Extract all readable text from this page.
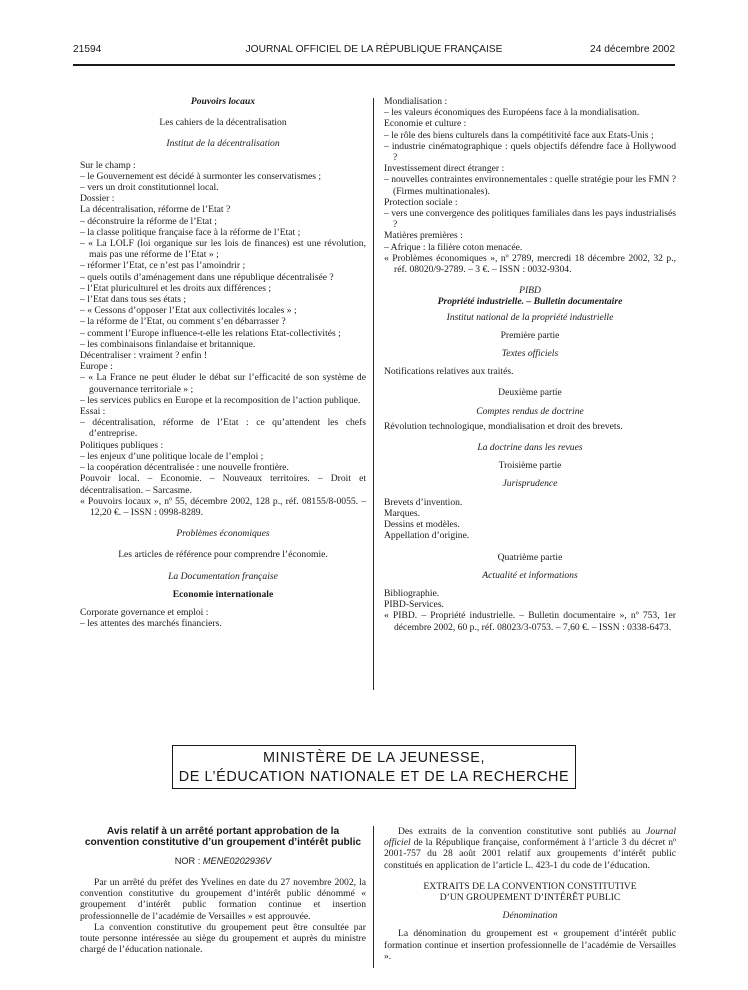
21594	JOURNAL OFFICIEL DE LA RÉPUBLIQUE FRANÇAISE	24 décembre 2002

Pouvoirs locaux

Les cahiers de la décentralisation

Institut de la décentralisation

Sur le champ :

– le Gouvernement est décidé à surmonter les conservatismes ;

– vers un droit constitutionnel local.

Dossier :

La décentralisation, réforme de l’Etat ?

– déconstruire la réforme de l’Etat ;

– la classe politique française face à la réforme de l’Etat ;

– « La LOLF (loi organique sur les lois de finances) est une révolution, mais pas une réforme de l’Etat » ;

– réformer l’Etat, ce n’est pas l’amoindrir ;

– quels outils d’aménagement dans une république décentralisée ?

– l’Etat pluriculturel et les droits aux différences ;

– l’Etat dans tous ses états ;

– « Cessons d’opposer l’Etat aux collectivités locales » ;

– la réforme de l’Etat, ou comment s’en débarrasser ?

– comment l’Europe influence-t-elle les relations Etat-collectivités ;

– les combinaisons finlandaise et britannique.

Décentraliser : vraiment ? enfin !

Europe :

– « La France ne peut éluder le débat sur l’efficacité de son système de gouvernance territoriale » ;

– les services publics en Europe et la recomposition de l’action publique.

Essai :

– décentralisation, réforme de l’Etat : ce qu’attendent les chefs d’entreprise.

Politiques publiques :

– les enjeux d’une politique locale de l’emploi ;

– la coopération décentralisée : une nouvelle frontière.

Pouvoir local. – Economie. – Nouveaux territoires. – Droit et décentralisation. – Sarcasme.

« Pouvoirs locaux », nº 55, décembre 2002, 128 p., réf. 08155/8-0055. – 12,20 €. – ISSN : 0998-8289.

Problèmes économiques

Les articles de référence pour comprendre l’économie.

La Documentation française

Economie internationale

Corporate governance et emploi :

– les attentes des marchés financiers.

Mondialisation :

– les valeurs économiques des Européens face à la mondialisation.

Economie et culture :

– le rôle des biens culturels dans la compétitivité face aux Etats-Unis ;

– industrie cinématographique : quels objectifs défendre face à Hollywood ?

Investissement direct étranger :

– nouvelles contraintes environnementales : quelle stratégie pour les FMN ? (Firmes multinationales).

Protection sociale :

– vers une convergence des politiques familiales dans les pays industrialisés ?

Matières premières :

– Afrique : la filière coton menacée.

« Problèmes économiques », nº 2789, mercredi 18 décembre 2002, 32 p., réf. 08020/9-2789. – 3 €. – ISSN : 0032-9304.

PIBD

Propriété industrielle. – Bulletin documentaire

Institut national de la propriété industrielle

Première partie

Textes officiels

Notifications relatives aux traités.

Deuxième partie

Comptes rendus de doctrine

Révolution technologique, mondialisation et droit des brevets.

La doctrine dans les revues

Troisième partie

Jurisprudence

Brevets d’invention.

Marques.

Dessins et modèles.

Appellation d’origine.

Quatrième partie

Actualité et informations

Bibliographie.

PIBD-Services.

« PIBD. – Propriété industrielle. – Bulletin documentaire », nº 753, 1er décembre 2002, 60 p., réf. 08023/3-0753. – 7,60 €. – ISSN : 0338-6473.

MINISTÈRE DE LA JEUNESSE,
DE L’ÉDUCATION NATIONALE ET DE LA RECHERCHE

Avis relatif à un arrêté portant approbation de la convention constitutive d’un groupement d’intérêt public

NOR : MENE0202936V

Par un arrêté du préfet des Yvelines en date du 27 novembre 2002, la convention constitutive du groupement d’intérêt public dénommé « groupement d’intérêt public formation continue et insertion professionnelle de l’académie de Versailles » est approuvée.

La convention constitutive du groupement peut être consultée par toute personne intéressée au siège du groupement et auprès du ministre chargé de l’éducation nationale.

Des extraits de la convention constitutive sont publiés au Journal officiel de la République française, conformément à l’article 3 du décret nº 2001-757 du 28 août 2001 relatif aux groupements d’intérêt public constitués en application de l’article L. 423-1 du code de l’éducation.

EXTRAITS DE LA CONVENTION CONSTITUTIVE

D’UN GROUPEMENT D’INTÉRÊT PUBLIC

Dénomination

La dénomination du groupement est « groupement d’intérêt public formation continue et insertion professionnelle de l’académie de Versailles ».
